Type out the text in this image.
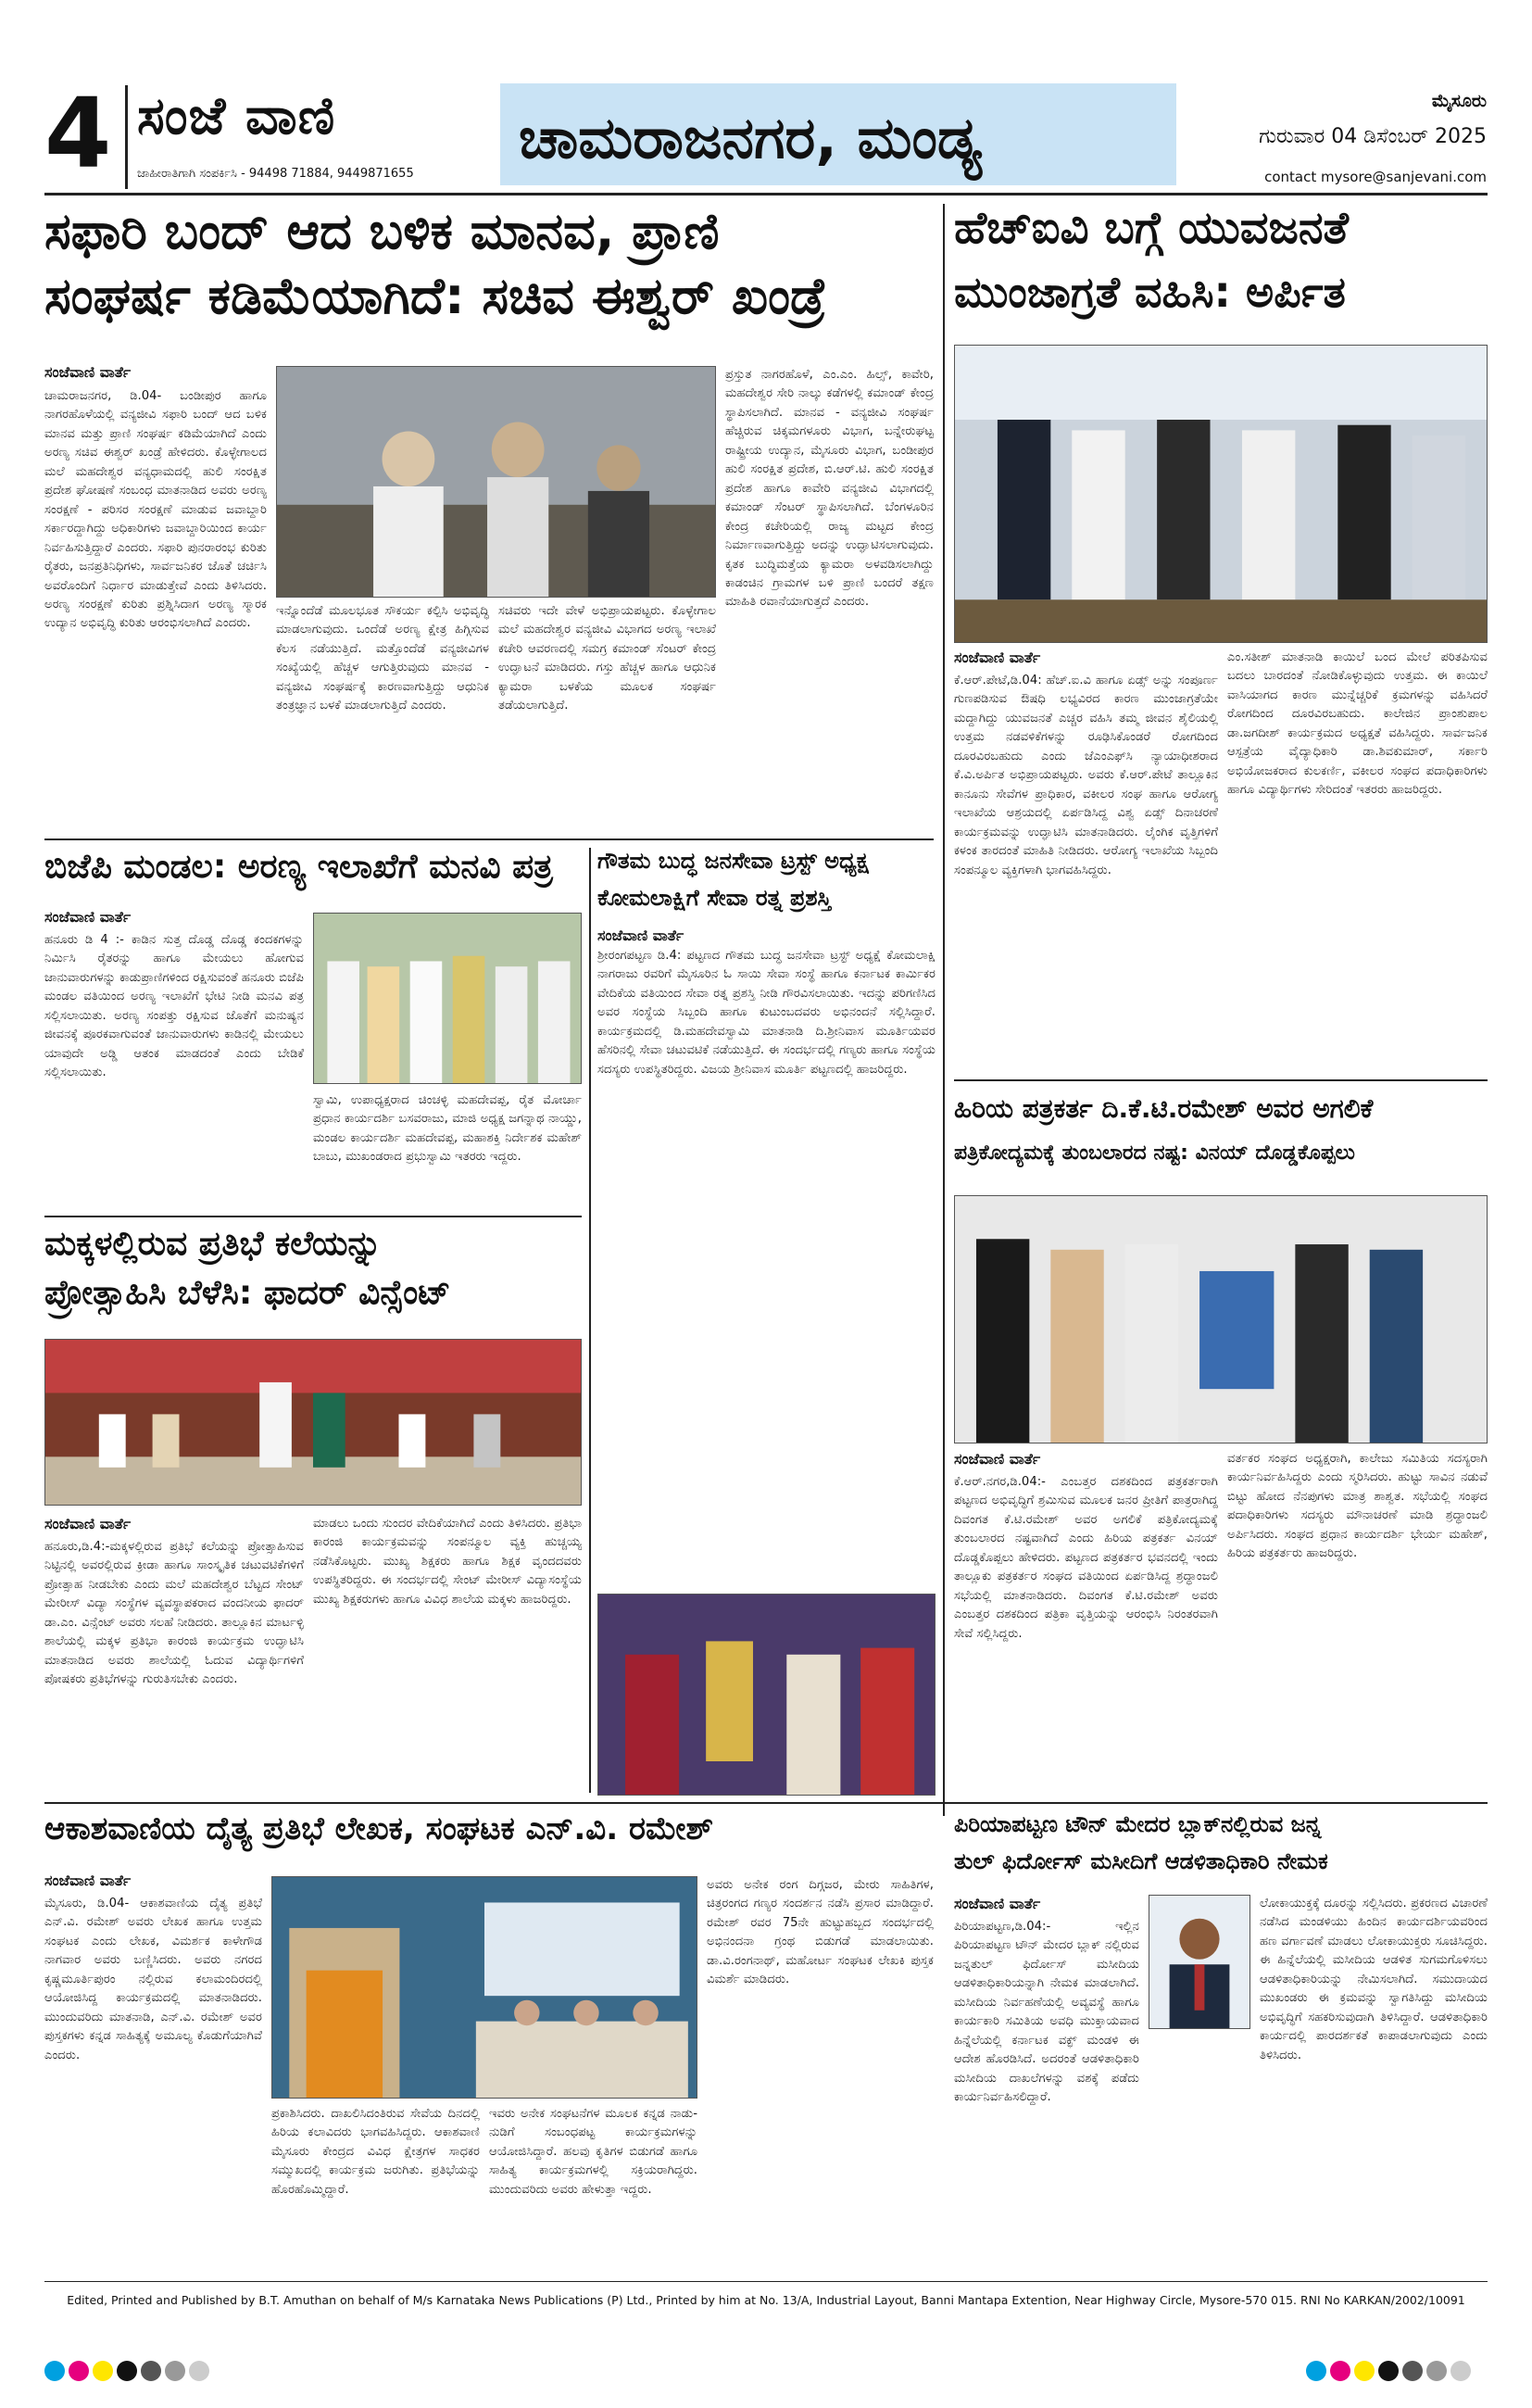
4 ಸಂಜೆ ವಾಣಿ
ಜಾಹೀರಾತಿಗಾಗಿ ಸಂಪರ್ಕಿಸಿ - 94498 71884, 9449871655
ಚಾಮರಾಜನಗರ, ಮಂಡ್ಯ
ಮೈಸೂರು
ಗುರುವಾರ 04 ಡಿಸೆಂಬರ್ 2025
contact mysore@sanjevani.com
ಸಫಾರಿ ಬಂದ್ ಆದ ಬಳಿಕ ಮಾನವ, ಪ್ರಾಣಿ
ಸಂಘರ್ಷ ಕಡಿಮೆಯಾಗಿದೆ: ಸಚಿವ ಈಶ್ವರ್ ಖಂಡ್ರೆ
ಸಂಜೆವಾಣಿ ವಾರ್ತೆ
ಚಾಮರಾಜನಗರ, ಡಿ.04- ಬಂಡೀಪುರ ಹಾಗೂ ನಾಗರಹೊಳೆಯಲ್ಲಿ ವನ್ಯಜೀವಿ ಸಫಾರಿ ಬಂದ್ ಆದ ಬಳಿಕ ಮಾನವ ಮತ್ತು ಪ್ರಾಣಿ ಸಂಘರ್ಷ ಕಡಿಮೆಯಾಗಿದೆ ಎಂದು ಅರಣ್ಯ ಸಚಿವ ಈಶ್ವರ್ ಖಂಡ್ರೆ ಹೇಳಿದರು. ಕೊಳ್ಳೇಗಾಲದ ಮಲೆ ಮಹದೇಶ್ವರ ವನ್ಯಧಾಮದಲ್ಲಿ ಹುಲಿ ಸಂರಕ್ಷಿತ ಪ್ರದೇಶ ಘೋಷಣೆ ಸಂಬಂಧ ಮಾತನಾಡಿದ ಅವರು ಅರಣ್ಯ ಸಂರಕ್ಷಣೆ - ಪರಿಸರ ಸಂರಕ್ಷಣೆ ಮಾಡುವ ಜವಾಬ್ದಾರಿ ಸರ್ಕಾರದ್ದಾಗಿದ್ದು ಅಧಿಕಾರಿಗಳು ಜವಾಬ್ದಾರಿಯಿಂದ ಕಾರ್ಯ ನಿರ್ವಹಿಸುತ್ತಿದ್ದಾರೆ ಎಂದರು. ಸಫಾರಿ ಪುನರಾರಂಭ ಕುರಿತು ರೈತರು, ಜನಪ್ರತಿನಿಧಿಗಳು, ಸಾರ್ವಜನಿಕರ ಜೊತೆ ಚರ್ಚಿಸಿ ಅವರೊಂದಿಗೆ ನಿರ್ಧಾರ ಮಾಡುತ್ತೇವೆ ಎಂದು ತಿಳಿಸಿದರು. ಅರಣ್ಯ ಸಂರಕ್ಷಣೆ ಕುರಿತು ಪ್ರಶ್ನಿಸಿದಾಗ ಅರಣ್ಯ ಸ್ಮಾರಕ ಉದ್ಯಾನ ಅಭಿವೃದ್ಧಿ ಕುರಿತು ಆರಂಭಿಸಲಾಗಿದೆ ಎಂದರು.
ಇನ್ನೊಂದೆಡೆ ಮೂಲಭೂತ ಸೌಕರ್ಯ ಕಲ್ಪಿಸಿ ಅಭಿವೃದ್ಧಿ ಮಾಡಲಾಗುವುದು. ಒಂದೆಡೆ ಅರಣ್ಯ ಕ್ಷೇತ್ರ ಹಿಗ್ಗಿಸುವ ಕೆಲಸ ನಡೆಯುತ್ತಿದೆ. ಮತ್ತೊಂದೆಡೆ ವನ್ಯಜೀವಿಗಳ ಸಂಖ್ಯೆಯಲ್ಲಿ ಹೆಚ್ಚಳ ಆಗುತ್ತಿರುವುದು ಮಾನವ - ವನ್ಯಜೀವಿ ಸಂಘರ್ಷಕ್ಕೆ ಕಾರಣವಾಗುತ್ತಿದ್ದು ಆಧುನಿಕ ತಂತ್ರಜ್ಞಾನ ಬಳಕೆ ಮಾಡಲಾಗುತ್ತಿದೆ ಎಂದರು.
ಸಚಿವರು ಇದೇ ವೇಳೆ ಅಭಿಪ್ರಾಯಪಟ್ಟರು. ಕೊಳ್ಳೇಗಾಲ ಮಲೆ ಮಹದೇಶ್ವರ ವನ್ಯಜೀವಿ ವಿಭಾಗದ ಅರಣ್ಯ ಇಲಾಖೆ ಕಚೇರಿ ಆವರಣದಲ್ಲಿ ಸಮಗ್ರ ಕಮಾಂಡ್ ಸೆಂಟರ್ ಕೇಂದ್ರ ಉದ್ಘಾಟನೆ ಮಾಡಿದರು. ಗಸ್ತು ಹೆಚ್ಚಳ ಹಾಗೂ ಆಧುನಿಕ ಕ್ಯಾಮರಾ ಬಳಕೆಯ ಮೂಲಕ ಸಂಘರ್ಷ ತಡೆಯಲಾಗುತ್ತಿದೆ.
ಪ್ರಸ್ತುತ ನಾಗರಹೊಳೆ, ಎಂ.ಎಂ. ಹಿಲ್ಸ್, ಕಾವೇರಿ, ಮಹದೇಶ್ವರ ಸೇರಿ ನಾಲ್ಕು ಕಡೆಗಳಲ್ಲಿ ಕಮಾಂಡ್ ಕೇಂದ್ರ ಸ್ಥಾಪಿಸಲಾಗಿದೆ. ಮಾನವ - ವನ್ಯಜೀವಿ ಸಂಘರ್ಷ ಹೆಚ್ಚಿರುವ ಚಿಕ್ಕಮಗಳೂರು ವಿಭಾಗ, ಬನ್ನೇರುಘಟ್ಟ ರಾಷ್ಟ್ರೀಯ ಉದ್ಯಾನ, ಮೈಸೂರು ವಿಭಾಗ, ಬಂಡೀಪುರ ಹುಲಿ ಸಂರಕ್ಷಿತ ಪ್ರದೇಶ, ಬಿ.ಆರ್.ಟಿ. ಹುಲಿ ಸಂರಕ್ಷಿತ ಪ್ರದೇಶ ಹಾಗೂ ಕಾವೇರಿ ವನ್ಯಜೀವಿ ವಿಭಾಗದಲ್ಲಿ ಕಮಾಂಡ್ ಸೆಂಟರ್ ಸ್ಥಾಪಿಸಲಾಗಿದೆ. ಬೆಂಗಳೂರಿನ ಕೇಂದ್ರ ಕಚೇರಿಯಲ್ಲಿ ರಾಜ್ಯ ಮಟ್ಟದ ಕೇಂದ್ರ ನಿರ್ಮಾಣವಾಗುತ್ತಿದ್ದು ಅದನ್ನು ಉದ್ಘಾಟಿಸಲಾಗುವುದು. ಕೃತಕ ಬುದ್ಧಿಮತ್ತೆಯ ಕ್ಯಾಮರಾ ಅಳವಡಿಸಲಾಗಿದ್ದು ಕಾಡಂಚಿನ ಗ್ರಾಮಗಳ ಬಳಿ ಪ್ರಾಣಿ ಬಂದರೆ ತಕ್ಷಣ ಮಾಹಿತಿ ರವಾನೆಯಾಗುತ್ತದೆ ಎಂದರು.
ಹೆಚ್‌ಐವಿ ಬಗ್ಗೆ ಯುವಜನತೆ
ಮುಂಜಾಗ್ರತೆ ವಹಿಸಿ: ಅರ್ಪಿತ
ಸಂಜೆವಾಣಿ ವಾರ್ತೆ
ಕೆ.ಆರ್.ಪೇಟೆ,ಡಿ.04: ಹೆಚ್.ಐ.ವಿ ಹಾಗೂ ಏಡ್ಸ್ ಅನ್ನು ಸಂಪೂರ್ಣ ಗುಣಪಡಿಸುವ ಔಷಧಿ ಲಭ್ಯವಿರದ ಕಾರಣ ಮುಂಜಾಗ್ರತೆಯೇ ಮದ್ದಾಗಿದ್ದು ಯುವಜನತೆ ಎಚ್ಚರ ವಹಿಸಿ ತಮ್ಮ ಜೀವನ ಶೈಲಿಯಲ್ಲಿ ಉತ್ತಮ ನಡವಳಿಕೆಗಳನ್ನು ರೂಢಿಸಿಕೊಂಡರೆ ರೋಗದಿಂದ ದೂರವಿರಬಹುದು ಎಂದು ಜೆಎಂಎಫ್‌ಸಿ ನ್ಯಾಯಾಧೀಶರಾದ ಕೆ.ವಿ.ಅರ್ಪಿತ ಅಭಿಪ್ರಾಯಪಟ್ಟರು. ಅವರು ಕೆ.ಆರ್.ಪೇಟೆ ತಾಲ್ಲೂಕಿನ ಕಾನೂನು ಸೇವೆಗಳ ಪ್ರಾಧಿಕಾರ, ವಕೀಲರ ಸಂಘ ಹಾಗೂ ಆರೋಗ್ಯ ಇಲಾಖೆಯ ಆಶ್ರಯದಲ್ಲಿ ಏರ್ಪಡಿಸಿದ್ದ ವಿಶ್ವ ಏಡ್ಸ್ ದಿನಾಚರಣೆ ಕಾರ್ಯಕ್ರಮವನ್ನು ಉದ್ಘಾಟಿಸಿ ಮಾತನಾಡಿದರು. ಲೈಂಗಿಕ ವೃತ್ತಿಗಳಿಗೆ ಕಳಂಕ ತಾರದಂತೆ ಮಾಹಿತಿ ನೀಡಿದರು. ಆರೋಗ್ಯ ಇಲಾಖೆಯ ಸಿಬ್ಬಂದಿ ಸಂಪನ್ಮೂಲ ವ್ಯಕ್ತಿಗಳಾಗಿ ಭಾಗವಹಿಸಿದ್ದರು.
ಎಂ.ಸತೀಶ್ ಮಾತನಾಡಿ ಕಾಯಿಲೆ ಬಂದ ಮೇಲೆ ಪರಿತಪಿಸುವ ಬದಲು ಬಾರದಂತೆ ನೋಡಿಕೊಳ್ಳುವುದು ಉತ್ತಮ. ಈ ಕಾಯಿಲೆ ವಾಸಿಯಾಗದ ಕಾರಣ ಮುನ್ನೆಚ್ಚರಿಕೆ ಕ್ರಮಗಳನ್ನು ವಹಿಸಿದರೆ ರೋಗದಿಂದ ದೂರವಿರಬಹುದು. ಕಾಲೇಜಿನ ಪ್ರಾಂಶುಪಾಲ ಡಾ.ಜಗದೀಶ್ ಕಾರ್ಯಕ್ರಮದ ಅಧ್ಯಕ್ಷತೆ ವಹಿಸಿದ್ದರು. ಸಾರ್ವಜನಿಕ ಆಸ್ಪತ್ರೆಯ ವೈದ್ಯಾಧಿಕಾರಿ ಡಾ.ಶಿವಕುಮಾರ್, ಸರ್ಕಾರಿ ಅಭಿಯೋಜಕರಾದ ಕುಲಕರ್ಣಿ, ವಕೀಲರ ಸಂಘದ ಪದಾಧಿಕಾರಿಗಳು ಹಾಗೂ ವಿದ್ಯಾರ್ಥಿಗಳು ಸೇರಿದಂತೆ ಇತರರು ಹಾಜರಿದ್ದರು.
ಬಿಜೆಪಿ ಮಂಡಲ: ಅರಣ್ಯ ಇಲಾಖೆಗೆ ಮನವಿ ಪತ್ರ
ಸಂಜೆವಾಣಿ ವಾರ್ತೆ
ಹನೂರು ಡಿ 4 :- ಕಾಡಿನ ಸುತ್ತ ದೊಡ್ಡ ದೊಡ್ಡ ಕಂದಕಗಳನ್ನು ನಿರ್ಮಿಸಿ ರೈತರನ್ನು ಹಾಗೂ ಮೇಯಲು ಹೋಗುವ ಜಾನುವಾರುಗಳನ್ನು ಕಾಡುಪ್ರಾಣಿಗಳಿಂದ ರಕ್ಷಿಸುವಂತೆ ಹನೂರು ಬಿಜೆಪಿ ಮಂಡಲ ವತಿಯಿಂದ ಅರಣ್ಯ ಇಲಾಖೆಗೆ ಭೇಟಿ ನೀಡಿ ಮನವಿ ಪತ್ರ ಸಲ್ಲಿಸಲಾಯಿತು. ಅರಣ್ಯ ಸಂಪತ್ತು ರಕ್ಷಿಸುವ ಜೊತೆಗೆ ಮನುಷ್ಯನ ಜೀವನಕ್ಕೆ ಪೂರಕವಾಗುವಂತೆ ಜಾನುವಾರುಗಳು ಕಾಡಿನಲ್ಲಿ ಮೇಯಲು ಯಾವುದೇ ಅಡ್ಡಿ ಆತಂಕ ಮಾಡದಂತೆ ಎಂದು ಬೇಡಿಕೆ ಸಲ್ಲಿಸಲಾಯಿತು.
ಸ್ವಾಮಿ, ಉಪಾಧ್ಯಕ್ಷರಾದ ಚಿಂಚಳ್ಳಿ ಮಹದೇವಪ್ಪ, ರೈತ ಮೋರ್ಚಾ ಪ್ರಧಾನ ಕಾರ್ಯದರ್ಶಿ ಬಸವರಾಜು, ಮಾಜಿ ಅಧ್ಯಕ್ಷ ಜಗನ್ನಾಥ ನಾಯ್ಡು, ಮಂಡಲ ಕಾರ್ಯದರ್ಶಿ ಮಹದೇವಪ್ಪ, ಮಹಾಶಕ್ತಿ ನಿರ್ದೇಶಕ ಮಹೇಶ್ ಬಾಬು, ಮುಖಂಡರಾದ ಪ್ರಭುಸ್ವಾಮಿ ಇತರರು ಇದ್ದರು.
ಗೌತಮ ಬುದ್ಧ ಜನಸೇವಾ ಟ್ರಸ್ಟ್ ಅಧ್ಯಕ್ಷ
ಕೋಮಲಾಕ್ಷಿಗೆ ಸೇವಾ ರತ್ನ ಪ್ರಶಸ್ತಿ
ಸಂಜೆವಾಣಿ ವಾರ್ತೆ
ಶ್ರೀರಂಗಪಟ್ಟಣ ಡಿ.4: ಪಟ್ಟಣದ ಗೌತಮ ಬುದ್ಧ ಜನಸೇವಾ ಟ್ರಸ್ಟ್ ಅಧ್ಯಕ್ಷೆ ಕೋಮಲಾಕ್ಷಿ ನಾಗರಾಜು ರವರಿಗೆ ಮೈಸೂರಿನ ಓ ಸಾಯಿ ಸೇವಾ ಸಂಸ್ಥೆ ಹಾಗೂ ಕರ್ನಾಟಕ ಕಾರ್ಮಿಕರ ವೇದಿಕೆಯ ವತಿಯಿಂದ ಸೇವಾ ರತ್ನ ಪ್ರಶಸ್ತಿ ನೀಡಿ ಗೌರವಿಸಲಾಯಿತು. ಇದನ್ನು ಪರಿಗಣಿಸಿದ ಅವರ ಸಂಸ್ಥೆಯ ಸಿಬ್ಬಂದಿ ಹಾಗೂ ಕುಟುಂಬದವರು ಅಭಿನಂದನೆ ಸಲ್ಲಿಸಿದ್ದಾರೆ. ಕಾರ್ಯಕ್ರಮದಲ್ಲಿ ಡಿ.ಮಹದೇವಸ್ವಾಮಿ ಮಾತನಾಡಿ ದಿ.ಶ್ರೀನಿವಾಸ ಮೂರ್ತಿಯವರ ಹೆಸರಿನಲ್ಲಿ ಸೇವಾ ಚಟುವಟಿಕೆ ನಡೆಯುತ್ತಿದೆ. ಈ ಸಂದರ್ಭದಲ್ಲಿ ಗಣ್ಯರು ಹಾಗೂ ಸಂಸ್ಥೆಯ ಸದಸ್ಯರು ಉಪಸ್ಥಿತರಿದ್ದರು. ವಿಜಯ ಶ್ರೀನಿವಾಸ ಮೂರ್ತಿ ಪಟ್ಟಣದಲ್ಲಿ ಹಾಜರಿದ್ದರು.
ಮಕ್ಕಳಲ್ಲಿರುವ ಪ್ರತಿಭೆ ಕಲೆಯನ್ನು
ಪ್ರೋತ್ಸಾಹಿಸಿ ಬೆಳೆಸಿ: ಫಾದರ್ ವಿನ್ಸೆಂಟ್
ಸಂಜೆವಾಣಿ ವಾರ್ತೆ
ಹನೂರು,ಡಿ.4:-ಮಕ್ಕಳಲ್ಲಿರುವ ಪ್ರತಿಭೆ ಕಲೆಯನ್ನು ಪ್ರೋತ್ಸಾಹಿಸುವ ನಿಟ್ಟಿನಲ್ಲಿ ಅವರಲ್ಲಿರುವ ಕ್ರೀಡಾ ಹಾಗೂ ಸಾಂಸ್ಕೃತಿಕ ಚಟುವಟಿಕೆಗಳಿಗೆ ಪ್ರೋತ್ಸಾಹ ನೀಡಬೇಕು ಎಂದು ಮಲೆ ಮಹದೇಶ್ವರ ಬೆಟ್ಟದ ಸೇಂಟ್ ಮೇರೀಸ್ ವಿದ್ಯಾ ಸಂಸ್ಥೆಗಳ ವ್ಯವಸ್ಥಾಪಕರಾದ ವಂದನೀಯ ಫಾದರ್ ಡಾ.ಎಂ. ವಿನ್ಸೆಂಟ್ ಅವರು ಸಲಹೆ ನೀಡಿದರು. ತಾಲ್ಲೂಕಿನ ಮಾರ್ಟಳ್ಳಿ ಶಾಲೆಯಲ್ಲಿ ಮಕ್ಕಳ ಪ್ರತಿಭಾ ಕಾರಂಜಿ ಕಾರ್ಯಕ್ರಮ ಉದ್ಘಾಟಿಸಿ ಮಾತನಾಡಿದ ಅವರು ಶಾಲೆಯಲ್ಲಿ ಓದುವ ವಿದ್ಯಾರ್ಥಿಗಳಿಗೆ ಪೋಷಕರು ಪ್ರತಿಭೆಗಳನ್ನು ಗುರುತಿಸಬೇಕು ಎಂದರು.
ಮಾಡಲು ಒಂದು ಸುಂದರ ವೇದಿಕೆಯಾಗಿದೆ ಎಂದು ತಿಳಿಸಿದರು. ಪ್ರತಿಭಾ ಕಾರಂಜಿ ಕಾರ್ಯಕ್ರಮವನ್ನು ಸಂಪನ್ಮೂಲ ವ್ಯಕ್ತಿ ಹುಚ್ಚಯ್ಯ ನಡೆಸಿಕೊಟ್ಟರು. ಮುಖ್ಯ ಶಿಕ್ಷಕರು ಹಾಗೂ ಶಿಕ್ಷಕ ವೃಂದದವರು ಉಪಸ್ಥಿತರಿದ್ದರು. ಈ ಸಂದರ್ಭದಲ್ಲಿ ಸೇಂಟ್ ಮೇರೀಸ್ ವಿದ್ಯಾಸಂಸ್ಥೆಯ ಮುಖ್ಯ ಶಿಕ್ಷಕರುಗಳು ಹಾಗೂ ವಿವಿಧ ಶಾಲೆಯ ಮಕ್ಕಳು ಹಾಜರಿದ್ದರು.
ಹಿರಿಯ ಪತ್ರಕರ್ತ ದಿ.ಕೆ.ಟಿ.ರಮೇಶ್ ಅವರ ಅಗಲಿಕೆ
ಪತ್ರಿಕೋದ್ಯಮಕ್ಕೆ ತುಂಬಲಾರದ ನಷ್ಟ: ವಿನಯ್ ದೊಡ್ಡಕೊಪ್ಪಲು
ಸಂಜೆವಾಣಿ ವಾರ್ತೆ
ಕೆ.ಆರ್.ನಗರ,ಡಿ.04:- ಎಂಬತ್ತರ ದಶಕದಿಂದ ಪತ್ರಕರ್ತರಾಗಿ ಪಟ್ಟಣದ ಅಭಿವೃದ್ಧಿಗೆ ಶ್ರಮಿಸುವ ಮೂಲಕ ಜನರ ಪ್ರೀತಿಗೆ ಪಾತ್ರರಾಗಿದ್ದ ದಿವಂಗತ ಕೆ.ಟಿ.ರಮೇಶ್ ಅವರ ಅಗಲಿಕೆ ಪತ್ರಿಕೋದ್ಯಮಕ್ಕೆ ತುಂಬಲಾರದ ನಷ್ಟವಾಗಿದೆ ಎಂದು ಹಿರಿಯ ಪತ್ರಕರ್ತ ವಿನಯ್ ದೊಡ್ಡಕೊಪ್ಪಲು ಹೇಳಿದರು. ಪಟ್ಟಣದ ಪತ್ರಕರ್ತರ ಭವನದಲ್ಲಿ ಇಂದು ತಾಲ್ಲೂಕು ಪತ್ರಕರ್ತರ ಸಂಘದ ವತಿಯಿಂದ ಏರ್ಪಡಿಸಿದ್ದ ಶ್ರದ್ಧಾಂಜಲಿ ಸಭೆಯಲ್ಲಿ ಮಾತನಾಡಿದರು. ದಿವಂಗತ ಕೆ.ಟಿ.ರಮೇಶ್ ಅವರು ಎಂಬತ್ತರ ದಶಕದಿಂದ ಪತ್ರಿಕಾ ವೃತ್ತಿಯನ್ನು ಆರಂಭಿಸಿ ನಿರಂತರವಾಗಿ ಸೇವೆ ಸಲ್ಲಿಸಿದ್ದರು.
ವರ್ತಕರ ಸಂಘದ ಅಧ್ಯಕ್ಷರಾಗಿ, ಕಾಲೇಜು ಸಮಿತಿಯ ಸದಸ್ಯರಾಗಿ ಕಾರ್ಯನಿರ್ವಹಿಸಿದ್ದರು ಎಂದು ಸ್ಮರಿಸಿದರು. ಹುಟ್ಟು ಸಾವಿನ ನಡುವೆ ಬಿಟ್ಟು ಹೋದ ನೆನಪುಗಳು ಮಾತ್ರ ಶಾಶ್ವತ. ಸಭೆಯಲ್ಲಿ ಸಂಘದ ಪದಾಧಿಕಾರಿಗಳು ಸದಸ್ಯರು ಮೌನಾಚರಣೆ ಮಾಡಿ ಶ್ರದ್ಧಾಂಜಲಿ ಅರ್ಪಿಸಿದರು. ಸಂಘದ ಪ್ರಧಾನ ಕಾರ್ಯದರ್ಶಿ ಭೇರ್ಯ ಮಹೇಶ್, ಹಿರಿಯ ಪತ್ರಕರ್ತರು ಹಾಜರಿದ್ದರು.
ಆಕಾಶವಾಣಿಯ ದೈತ್ಯ ಪ್ರತಿಭೆ ಲೇಖಕ, ಸಂಘಟಕ ಎನ್.ವಿ. ರಮೇಶ್
ಸಂಜೆವಾಣಿ ವಾರ್ತೆ
ಮೈಸೂರು, ಡಿ.04- ಆಕಾಶವಾಣಿಯ ದೈತ್ಯ ಪ್ರತಿಭೆ ಎನ್.ವಿ. ರಮೇಶ್ ಅವರು ಲೇಖಕ ಹಾಗೂ ಉತ್ತಮ ಸಂಘಟಕ ಎಂದು ಲೇಖಕ, ವಿಮರ್ಶಕ ಕಾಳೇಗೌಡ ನಾಗವಾರ ಅವರು ಬಣ್ಣಿಸಿದರು. ಅವರು ನಗರದ ಕೃಷ್ಣಮೂರ್ತಿಪುರಂ ನಲ್ಲಿರುವ ಕಲಾಮಂದಿರದಲ್ಲಿ ಆಯೋಜಿಸಿದ್ದ ಕಾರ್ಯಕ್ರಮದಲ್ಲಿ ಮಾತನಾಡಿದರು. ಮುಂದುವರಿದು ಮಾತನಾಡಿ, ಎನ್.ವಿ. ರಮೇಶ್ ಅವರ ಪುಸ್ತಕಗಳು ಕನ್ನಡ ಸಾಹಿತ್ಯಕ್ಕೆ ಅಮೂಲ್ಯ ಕೊಡುಗೆಯಾಗಿವೆ ಎಂದರು.
ಪ್ರಕಾಶಿಸಿದರು. ದಾಖಲಿಸಿದಂತಿರುವ ಸೇವೆಯ ದಿನದಲ್ಲಿ ಹಿರಿಯ ಕಲಾವಿದರು ಭಾಗವಹಿಸಿದ್ದರು. ಆಕಾಶವಾಣಿ ಮೈಸೂರು ಕೇಂದ್ರದ ವಿವಿಧ ಕ್ಷೇತ್ರಗಳ ಸಾಧಕರ ಸಮ್ಮುಖದಲ್ಲಿ ಕಾರ್ಯಕ್ರಮ ಜರುಗಿತು. ಪ್ರತಿಭೆಯನ್ನು ಹೊರಹೊಮ್ಮಿದ್ದಾರೆ.
ಇವರು ಅನೇಕ ಸಂಘಟನೆಗಳ ಮೂಲಕ ಕನ್ನಡ ನಾಡು-ನುಡಿಗೆ ಸಂಬಂಧಪಟ್ಟ ಕಾರ್ಯಕ್ರಮಗಳನ್ನು ಆಯೋಜಿಸಿದ್ದಾರೆ. ಹಲವು ಕೃತಿಗಳ ಬಿಡುಗಡೆ ಹಾಗೂ ಸಾಹಿತ್ಯ ಕಾರ್ಯಕ್ರಮಗಳಲ್ಲಿ ಸಕ್ರಿಯರಾಗಿದ್ದರು. ಮುಂದುವರಿದು ಅವರು ಹೇಳುತ್ತಾ ಇದ್ದರು.
ಅವರು ಅನೇಕ ರಂಗ ದಿಗ್ಗಜರ, ಮೇರು ಸಾಹಿತಿಗಳ, ಚಿತ್ರರಂಗದ ಗಣ್ಯರ ಸಂದರ್ಶನ ನಡೆಸಿ ಪ್ರಸಾರ ಮಾಡಿದ್ದಾರೆ. ರಮೇಶ್ ರವರ 75ನೇ ಹುಟ್ಟುಹಬ್ಬದ ಸಂದರ್ಭದಲ್ಲಿ ಅಭಿನಂದನಾ ಗ್ರಂಥ ಬಿಡುಗಡೆ ಮಾಡಲಾಯಿತು. ಡಾ.ವಿ.ರಂಗನಾಥ್, ಮಹೋರ್ಟ ಸಂಘಟಕ ಲೇಖಕಿ ಪುಸ್ತಕ ವಿಮರ್ಶೆ ಮಾಡಿದರು.
ಪಿರಿಯಾಪಟ್ಟಣ ಟೌನ್ ಮೇದರ ಬ್ಲಾಕ್‌ನಲ್ಲಿರುವ ಜನ್ನ
ತುಲ್ ಫಿರ್ದೋಸ್ ಮಸೀದಿಗೆ ಆಡಳಿತಾಧಿಕಾರಿ ನೇಮಕ
ಸಂಜೆವಾಣಿ ವಾರ್ತೆ
ಪಿರಿಯಾಪಟ್ಟಣ,ಡಿ.04:- ಇಲ್ಲಿನ ಪಿರಿಯಾಪಟ್ಟಣ ಟೌನ್ ಮೇದರ ಬ್ಲಾಕ್ ನಲ್ಲಿರುವ ಜನ್ನತುಲ್ ಫಿರ್ದೋಸ್ ಮಸೀದಿಯ ಆಡಳಿತಾಧಿಕಾರಿಯನ್ನಾಗಿ ನೇಮಕ ಮಾಡಲಾಗಿದೆ. ಮಸೀದಿಯ ನಿರ್ವಹಣೆಯಲ್ಲಿ ಅವ್ಯವಸ್ಥೆ ಹಾಗೂ ಕಾರ್ಯಕಾರಿ ಸಮಿತಿಯ ಅವಧಿ ಮುಕ್ತಾಯವಾದ ಹಿನ್ನೆಲೆಯಲ್ಲಿ ಕರ್ನಾಟಕ ವಕ್ಫ್ ಮಂಡಳಿ ಈ ಆದೇಶ ಹೊರಡಿಸಿದೆ. ಅದರಂತೆ ಆಡಳಿತಾಧಿಕಾರಿ ಮಸೀದಿಯ ದಾಖಲೆಗಳನ್ನು ವಶಕ್ಕೆ ಪಡೆದು ಕಾರ್ಯನಿರ್ವಹಿಸಲಿದ್ದಾರೆ.
ಲೋಕಾಯುಕ್ತಕ್ಕೆ ದೂರನ್ನು ಸಲ್ಲಿಸಿದರು. ಪ್ರಕರಣದ ವಿಚಾರಣೆ ನಡೆಸಿದ ಮಂಡಳಿಯು ಹಿಂದಿನ ಕಾರ್ಯದರ್ಶಿಯವರಿಂದ ಹಣ ವರ್ಗಾವಣೆ ಮಾಡಲು ಲೋಕಾಯುಕ್ತರು ಸೂಚಿಸಿದ್ದರು. ಈ ಹಿನ್ನೆಲೆಯಲ್ಲಿ ಮಸೀದಿಯ ಆಡಳಿತ ಸುಗಮಗೊಳಿಸಲು ಆಡಳಿತಾಧಿಕಾರಿಯನ್ನು ನೇಮಿಸಲಾಗಿದೆ. ಸಮುದಾಯದ ಮುಖಂಡರು ಈ ಕ್ರಮವನ್ನು ಸ್ವಾಗತಿಸಿದ್ದು ಮಸೀದಿಯ ಅಭಿವೃದ್ಧಿಗೆ ಸಹಕರಿಸುವುದಾಗಿ ತಿಳಿಸಿದ್ದಾರೆ. ಆಡಳಿತಾಧಿಕಾರಿ ಕಾರ್ಯದಲ್ಲಿ ಪಾರದರ್ಶಕತೆ ಕಾಪಾಡಲಾಗುವುದು ಎಂದು ತಿಳಿಸಿದರು.
Edited, Printed and Published by B.T. Amuthan on behalf of M/s Karnataka News Publications (P) Ltd., Printed by him at No. 13/A, Industrial Layout, Banni Mantapa Extention, Near Highway Circle, Mysore-570 015. RNI No KARKAN/2002/10091
